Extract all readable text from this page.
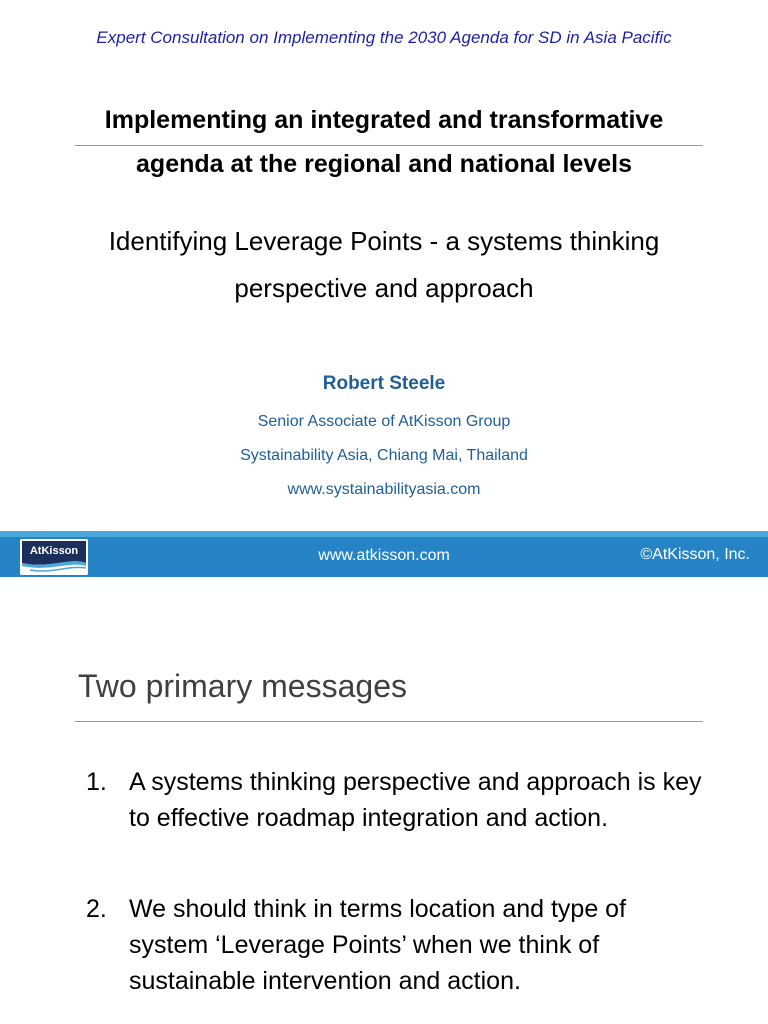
Expert Consultation on Implementing the 2030 Agenda for SD in Asia Pacific
Implementing an integrated and transformative agenda at the regional and national levels
Identifying Leverage Points - a systems thinking perspective and approach
Robert Steele
Senior Associate of AtKisson Group
Systainability Asia, Chiang Mai, Thailand
www.systainabilityasia.com
AtKisson	www.atkisson.com	©AtKisson, Inc.
Two primary messages
1. A systems thinking perspective and approach is key to effective roadmap integration and action.
2. We should think in terms location and type of system ‘Leverage Points’ when we think of sustainable intervention and action.
